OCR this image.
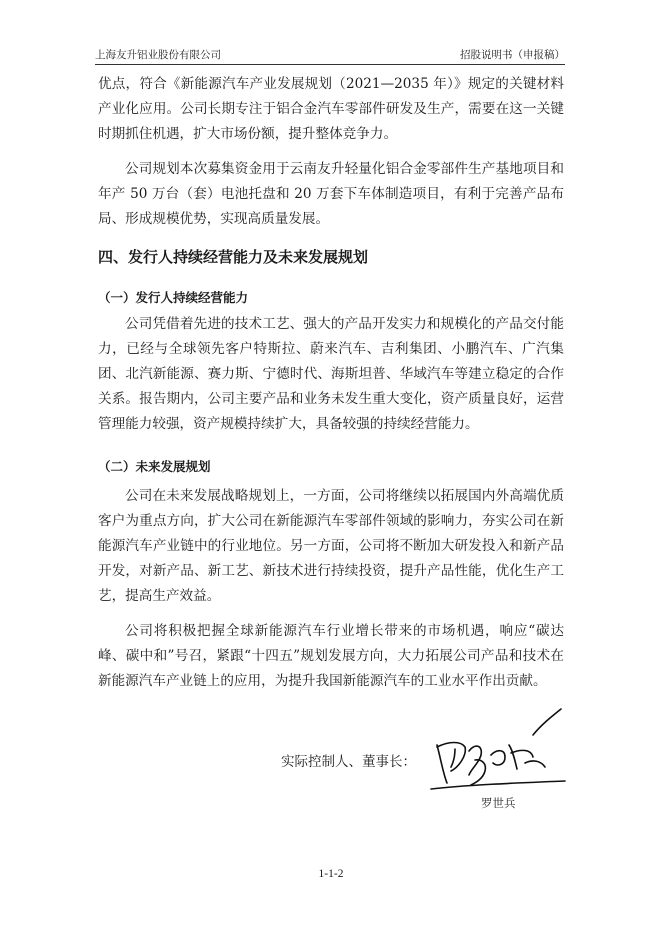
上海友升铝业股份有限公司	招股说明书（申报稿）

优点，符合《新能源汽车产业发展规划（2021—2035 年）》规定的关键材料产业化应用。公司长期专注于铝合金汽车零部件研发及生产，需要在这一关键时期抓住机遇，扩大市场份额，提升整体竞争力。

公司规划本次募集资金用于云南友升轻量化铝合金零部件生产基地项目和年产 50 万台（套）电池托盘和 20 万套下车体制造项目，有利于完善产品布局、形成规模优势，实现高质量发展。

四、发行人持续经营能力及未来发展规划
（一）发行人持续经营能力

公司凭借着先进的技术工艺、强大的产品开发实力和规模化的产品交付能力，已经与全球领先客户特斯拉、蔚来汽车、吉利集团、小鹏汽车、广汽集团、北汽新能源、赛力斯、宁德时代、海斯坦普、华域汽车等建立稳定的合作关系。报告期内，公司主要产品和业务未发生重大变化，资产质量良好，运营管理能力较强，资产规模持续扩大，具备较强的持续经营能力。

（二）未来发展规划

公司在未来发展战略规划上，一方面，公司将继续以拓展国内外高端优质客户为重点方向，扩大公司在新能源汽车零部件领域的影响力，夯实公司在新能源汽车产业链中的行业地位。另一方面，公司将不断加大研发投入和新产品开发，对新产品、新工艺、新技术进行持续投资，提升产品性能，优化生产工艺，提高生产效益。

公司将积极把握全球新能源汽车行业增长带来的市场机遇，响应“碳达峰、碳中和”号召，紧跟“十四五”规划发展方向，大力拓展公司产品和技术在新能源汽车产业链上的应用，为提升我国新能源汽车的工业水平作出贡献。

实际控制人、董事长：
罗世兵
1-1-2
